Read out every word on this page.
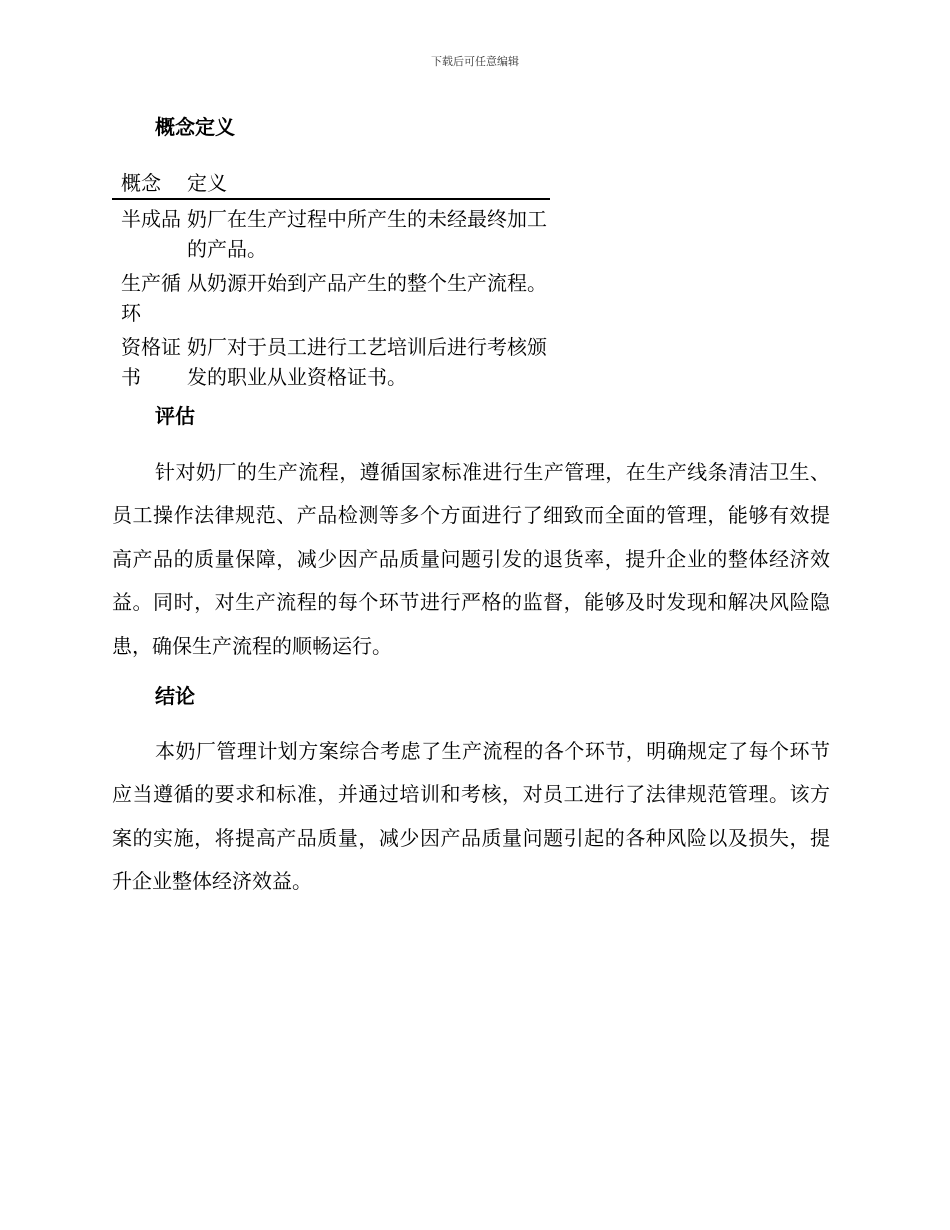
下载后可任意编辑
概念定义
概念	定义
半成品 奶厂在生产过程中所产生的未经最终加工的产品。
生产循环
从奶源开始到产品产生的整个生产流程。
资格证书
奶厂对于员工进行工艺培训后进行考核颁发的职业从业资格证书。
评估

针对奶厂的生产流程，遵循国家标准进行生产管理，在生产线条清洁卫生、员工操作法律规范、产品检测等多个方面进行了细致而全面的管理，能够有效提高产品的质量保障，减少因产品质量问题引发的退货率，提升企业的整体经济效益。同时，对生产流程的每个环节进行严格的监督，能够及时发现和解决风险隐患，确保生产流程的顺畅运行。

结论

本奶厂管理计划方案综合考虑了生产流程的各个环节，明确规定了每个环节应当遵循的要求和标准，并通过培训和考核，对员工进行了法律规范管理。该方案的实施，将提高产品质量，减少因产品质量问题引起的各种风险以及损失，提升企业整体经济效益。
